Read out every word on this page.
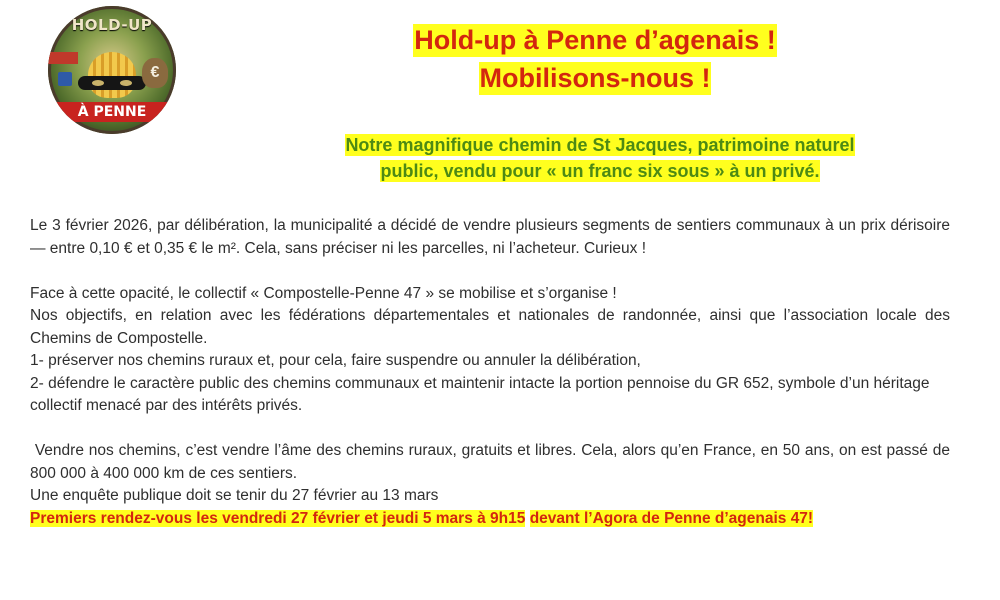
HOLD-UP
€
À PENNE
Hold-up à Penne d’agenais !
Mobilisons-nous !
Notre magnifique chemin de St Jacques, patrimoine naturel
public, vendu pour « un franc six sous » à un privé.

Le 3 février 2026, par délibération, la municipalité a décidé de vendre plusieurs segments de sentiers communaux à un prix dérisoire — entre 0,10 € et 0,35 € le m². Cela, sans préciser ni les parcelles, ni l’acheteur. Curieux !

Face à cette opacité, le collectif « Compostelle-Penne 47 » se mobilise et s’organise !

Nos objectifs, en relation avec les fédérations départementales et nationales de randonnée, ainsi que l’association locale des Chemins de Compostelle.

1- préserver nos chemins ruraux et, pour cela, faire suspendre ou annuler la délibération,

2- défendre le caractère public des chemins communaux et maintenir intacte la portion pennoise du GR 652, symbole d’un héritage collectif menacé par des intérêts privés.

Vendre nos chemins, c’est vendre l’âme des chemins ruraux, gratuits et libres. Cela, alors qu’en France, en 50 ans, on est passé de 800 000 à 400 000 km de ces sentiers.

Une enquête publique doit se tenir du 27 février au 13 mars

Premiers rendez-vous les vendredi 27 février et jeudi 5 mars à 9h15 devant l’Agora de Penne d’agenais 47!
